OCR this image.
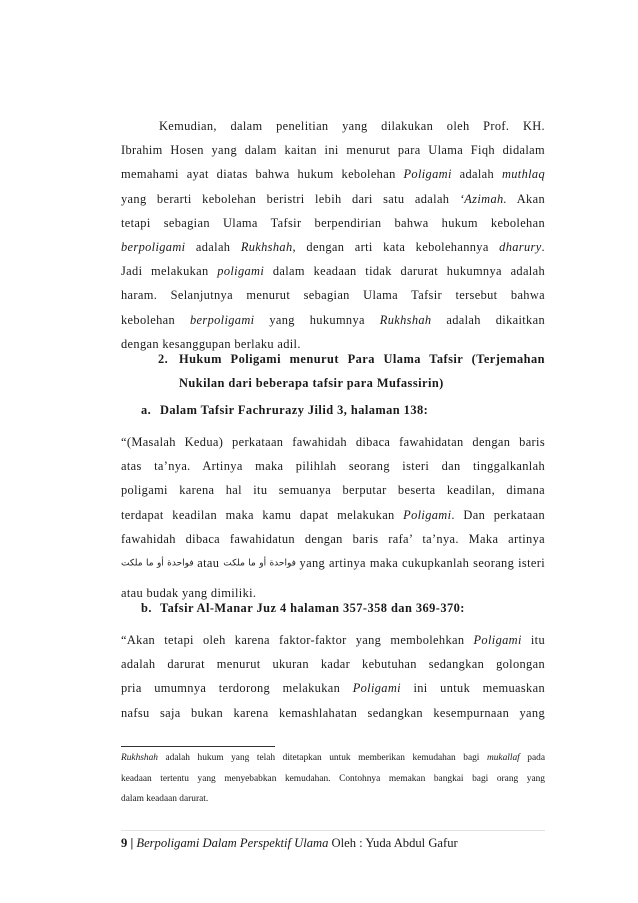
Kemudian, dalam penelitian yang dilakukan oleh Prof. KH.
Ibrahim Hosen yang dalam kaitan ini menurut para Ulama Fiqh didalam
memahami ayat diatas bahwa hukum kebolehan Poligami adalah muthlaq
yang berarti kebolehan beristri lebih dari satu adalah ‘Azimah. Akan
tetapi sebagian Ulama Tafsir berpendirian bahwa hukum kebolehan
berpoligami adalah Rukhshah, dengan arti kata kebolehannya dharury.
Jadi melakukan poligami dalam keadaan tidak darurat hukumnya adalah
haram. Selanjutnya menurut sebagian Ulama Tafsir tersebut bahwa
kebolehan berpoligami yang hukumnya Rukhshah adalah dikaitkan
dengan kesanggupan berlaku adil.
2. Hukum Poligami menurut Para Ulama Tafsir (Terjemahan
Nukilan dari beberapa tafsir para Mufassirin)
a. Dalam Tafsir Fachrurazy Jilid 3, halaman 138:
“(Masalah Kedua) perkataan fawahidah dibaca fawahidatan dengan baris
atas ta’nya. Artinya maka pilihlah seorang isteri dan tinggalkanlah
poligami karena hal itu semuanya berputar beserta keadilan, dimana
terdapat keadilan maka kamu dapat melakukan Poligami. Dan perkataan
fawahidah dibaca fawahidatun dengan baris rafa’ ta’nya. Maka artinya
فواحدة أو ما ملكت atau فواحدة أو ما ملكت yang artinya maka cukupkanlah seorang isteri
atau budak yang dimiliki.
b. Tafsir Al-Manar Juz 4 halaman 357-358 dan 369-370:
“Akan tetapi oleh karena faktor-faktor yang membolehkan Poligami itu
adalah darurat menurut ukuran kadar kebutuhan sedangkan golongan
pria umumnya terdorong melakukan Poligami ini untuk memuaskan
nafsu saja bukan karena kemashlahatan sedangkan kesempurnaan yang
Rukhshah adalah hukum yang telah ditetapkan untuk memberikan kemudahan bagi mukallaf pada
keadaan tertentu yang menyebabkan kemudahan. Contohnya memakan bangkai bagi orang yang
dalam keadaan darurat.
9 | Berpoligami Dalam Perspektif Ulama Oleh : Yuda Abdul Gafur
